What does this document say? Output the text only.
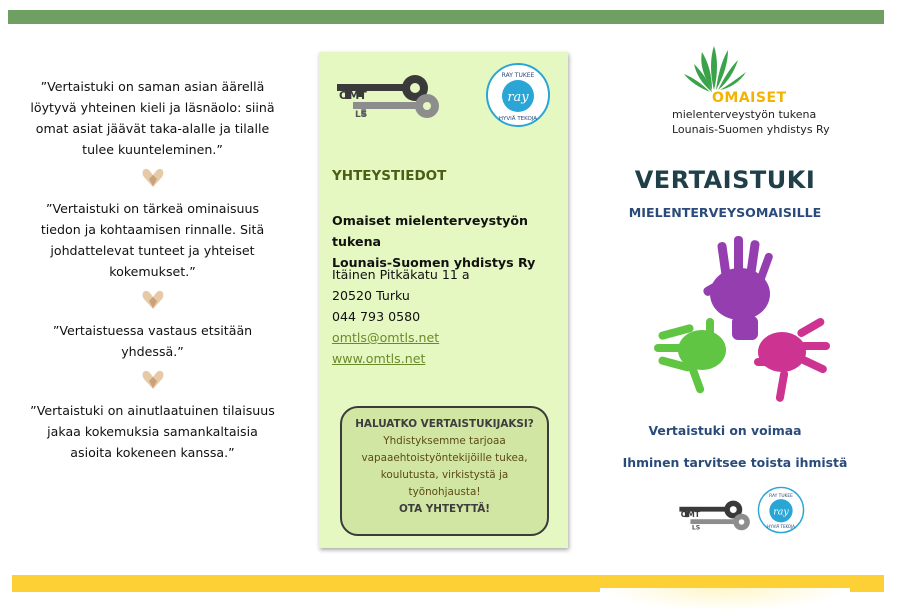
”Vertaistuki on saman asian äärellä löytyvä yhteinen kieli ja läsnäolo: siinä omat asiat jäävät taka-alalle ja tilalle tulee kuunteleminen.”

”Vertaistuki on tärkeä ominaisuus tiedon ja kohtaamisen rinnalle. Sitä johdattelevat tunteet ja yhteiset kokemukset.”

”Vertaistuessa vastaus etsitään yhdessä.”

”Vertaistuki on ainutlaatuinen tilaisuus jakaa kokemuksia samankaltaisia asioita kokeneen kanssa.”

OMT
LS
ray
RAY TUKEE
HYVIÄ TEKOJA
YHTEYSTIEDOT
Omaiset mielenterveystyön tukena
Lounais-Suomen yhdistys Ry
Itäinen Pitkäkatu 11 a
20520 Turku
044 793 0580
omtls@omtls.net
www.omtls.net
HALUATKO VERTAISTUKIJAKSI?
Yhdistyksemme tarjoaa
vapaaehtoistyöntekijöille tukea,
koulutusta, virkistystä ja
työnohjausta!
OTA YHTEYTTÄ!
OMAISET
mielenterveystyön tukena
Lounais-Suomen yhdistys Ry
VERTAISTUKI
MIELENTERVEYSOMAISILLE
Vertaistuki on voimaa
Ihminen tarvitsee toista ihmistä
OMT
LS
ray
RAY TUKEE
HYVIÄ TEKOJA
